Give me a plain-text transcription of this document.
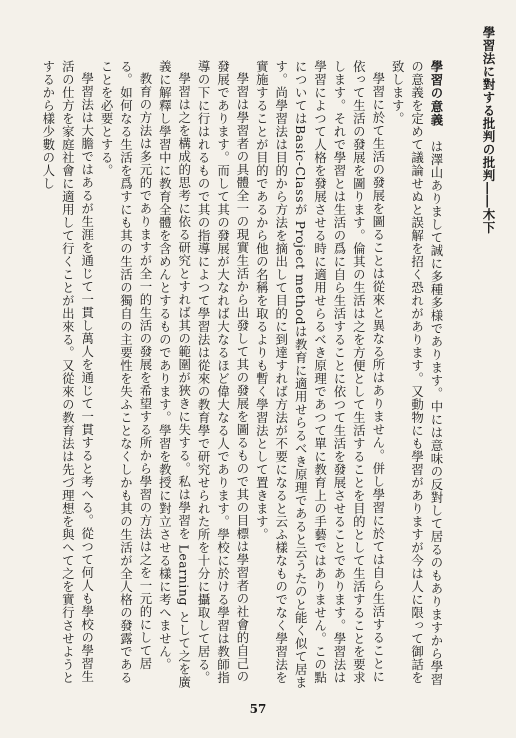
學習法に對する批判の批判――木下

學習の意義　は澤山ありまして誠に多種多様であります。中には意味の反對して居るのもありますから學習の意義を定めて議論せぬと誤解を招く恐れがあります。又動物にも學習がありますが今は人に限って御話を致します。

學習に於て生活の發展を圖ることは從來と異なる所はありません。併し學習に於ては自ら生活することに依って生活の發展を圖ります。倫其の生活は之を方便として生活することを目的として生活することを要求します。それで學習とは生活の爲に自ら生活することに依つて生活を發展させることであります。學習法は學習によつて人格を發展させる時に適用せらるべき原理であつて單に教育上の手藝ではありません。この點についてはBasic-Classが Project methodは教育に適用せらるべき原理であると云うたのと能く似て居ます。尚學習法は目的から方法を摘出して目的に到達すれば方法が不要になると云ふ樣なものでなく學習法を實施することが目的であるから他の名稱を取るよりも暫く學習法として置きます。

學習は學習者の具體全一の現實生活から出發して其の發展を圖るもので其の目標は學習者の社會的自己の發展であります。而して其の發展が大なれば大なるほど偉大なる人であります。學校に於ける學習は教師指導の下に行はれるもので其の指導によつて學習法は從來の教育學で研究せられた所を十分に攝取して居る。

學習は之を構成的思考に依る研究とすれば其の範圍が狹きに失する。私は學習を Learning として之を廣義に解釋し學習中に教育全體を含めんとするものであります。學習を教授に對立させる樣に考へません。

教育の方法は多元的でありますが全一的生活の發展を希望する所から學習の方法は之を一元的にして居る。如何なる生活を爲すにも其の生活の獨自の主要性を失ふことなくしかも其の生活が全人格の發露であることを必要とする。

學習法は大膽ではあるが生涯を通じて一貫し萬人を通じて一貫すると考へる。從つて何人も學校の學習生活の仕方を家庭社會に適用して行くことが出來る。又從來の教育法は先づ理想を與へて之を實行させようとするから樣少數の人し

57
